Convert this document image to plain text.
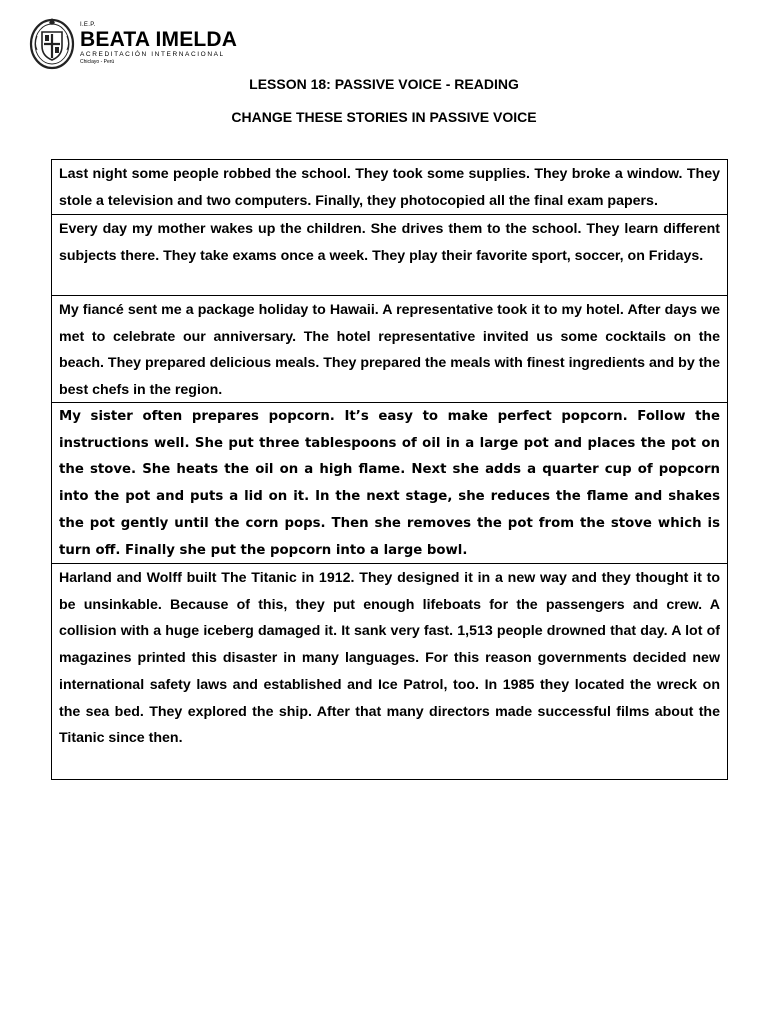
I.E.P.
BEATA IMELDA
ACREDITACIÓN INTERNACIONAL
Chiclayo - Perú
LESSON 18: PASSIVE VOICE - READING
CHANGE THESE STORIES IN PASSIVE VOICE
Last night some people robbed the school. They took some supplies. They broke a window. They stole a television and two computers. Finally, they photocopied all the final exam papers.
Every day my mother wakes up the children. She drives them to the school. They learn different subjects there. They take exams once a week. They play their favorite sport, soccer, on Fridays.
My fiancé sent me a package holiday to Hawaii. A representative took it to my hotel. After days we met to celebrate our anniversary. The hotel representative invited us some cocktails on the beach. They prepared delicious meals. They prepared the meals with finest ingredients and by the best chefs in the region.
My sister often prepares popcorn. It’s easy to make perfect popcorn. Follow the instructions well. She put three tablespoons of oil in a large pot and places the pot on the stove. She heats the oil on a high flame. Next she adds a quarter cup of popcorn into the pot and puts a lid on it. In the next stage, she reduces the flame and shakes the pot gently until the corn pops. Then she removes the pot from the stove which is turn off. Finally she put the popcorn into a large bowl.
Harland and Wolff built The Titanic in 1912. They designed it in a new way and they thought it to be unsinkable. Because of this, they put enough lifeboats for the passengers and crew. A collision with a huge iceberg damaged it. It sank very fast. 1,513 people drowned that day. A lot of magazines printed this disaster in many languages. For this reason governments decided new international safety laws and established and Ice Patrol, too. In 1985 they located the wreck on the sea bed. They explored the ship. After that many directors made successful films about the Titanic since then.
